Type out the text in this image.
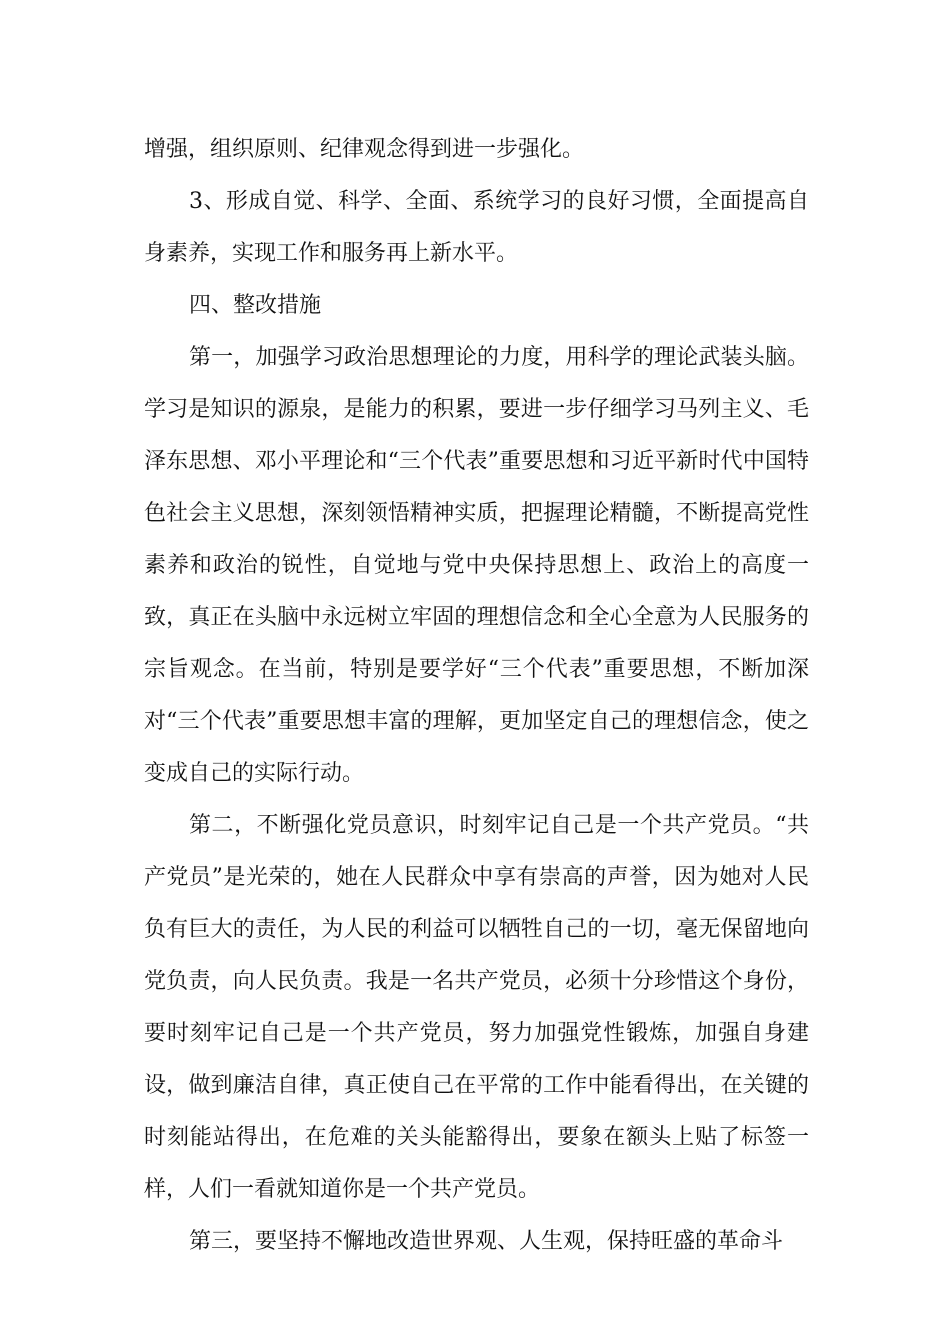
增强，组织原则、纪律观念得到进一步强化。

3、形成自觉、科学、全面、系统学习的良好习惯，全面提高自身素养，实现工作和服务再上新水平。

四、整改措施

第一，加强学习政治思想理论的力度，用科学的理论武装头脑。学习是知识的源泉，是能力的积累，要进一步仔细学习马列主义、毛泽东思想、邓小平理论和“三个代表”重要思想和习近平新时代中国特色社会主义思想，深刻领悟精神实质，把握理论精髓，不断提高党性素养和政治的锐性，自觉地与党中央保持思想上、政治上的高度一致，真正在头脑中永远树立牢固的理想信念和全心全意为人民服务的宗旨观念。在当前，特别是要学好“三个代表”重要思想，不断加深对“三个代表”重要思想丰富的理解，更加坚定自己的理想信念，使之变成自己的实际行动。

第二，不断强化党员意识，时刻牢记自己是一个共产党员。“共产党员”是光荣的，她在人民群众中享有崇高的声誉，因为她对人民负有巨大的责任，为人民的利益可以牺牲自己的一切，毫无保留地向党负责，向人民负责。我是一名共产党员，必须十分珍惜这个身份，要时刻牢记自己是一个共产党员，努力加强党性锻炼，加强自身建设，做到廉洁自律，真正使自己在平常的工作中能看得出，在关键的时刻能站得出，在危难的关头能豁得出，要象在额头上贴了标签一样，人们一看就知道你是一个共产党员。

第三，要坚持不懈地改造世界观、人生观，保持旺盛的革命斗
